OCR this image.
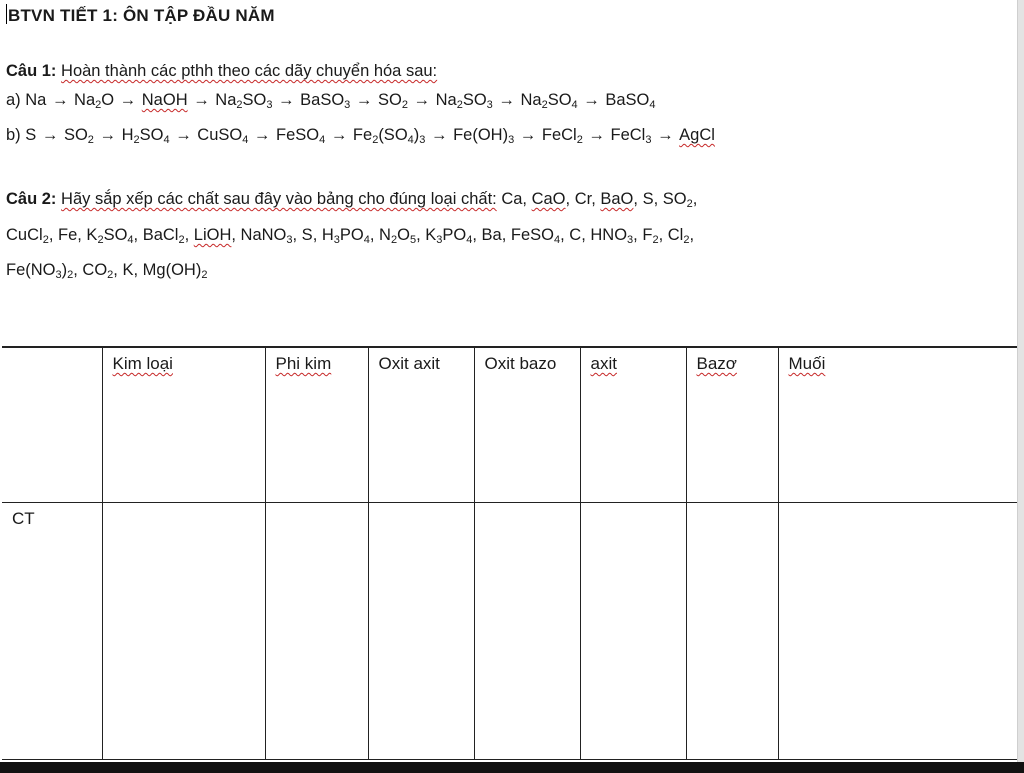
BTVN TIẾT 1: ÔN TẬP ĐẦU NĂM
Câu 1: Hoàn thành các pthh theo các dãy chuyển hóa sau:
a) $Na \to Na_2O$ → NaOH → $Na_2SO_3$ → BaSO$_3$ → $SO_2 \to Na_2SO_3 \to Na_2SO_4$ → BaSO$_4$
b) $S \to SO_2 \to H_2SO_4$ → CuSO$_4$ → FeSO$_4$ → $Fe_2(SO_4)_3 \to Fe(OH)_3$ → FeCl$_2$ → FeCl$_3$ → AgCl
Câu 2: Hãy sắp xếp các chất sau đây vào bảng cho đúng loại chất: Ca, CaO, Cr, BaO, S, $SO_2$,
CuCl$_2$, Fe, $K_2SO_4$, BaCl$_2$, LiOH, NaNO$_3$, S, $H_3PO_4$, $N_2O_5$, $K_3PO_4$, Ba, FeSO$_4$, C, $HNO_3$, $F_2$, $Cl_2$,
$Fe(NO_3)_2$, $CO_2$, K, $Mg(OH)_2$
	Kim loại	Phi kim	Oxit axit	Oxit bazo	axit	Bazơ	Muối
CT							
